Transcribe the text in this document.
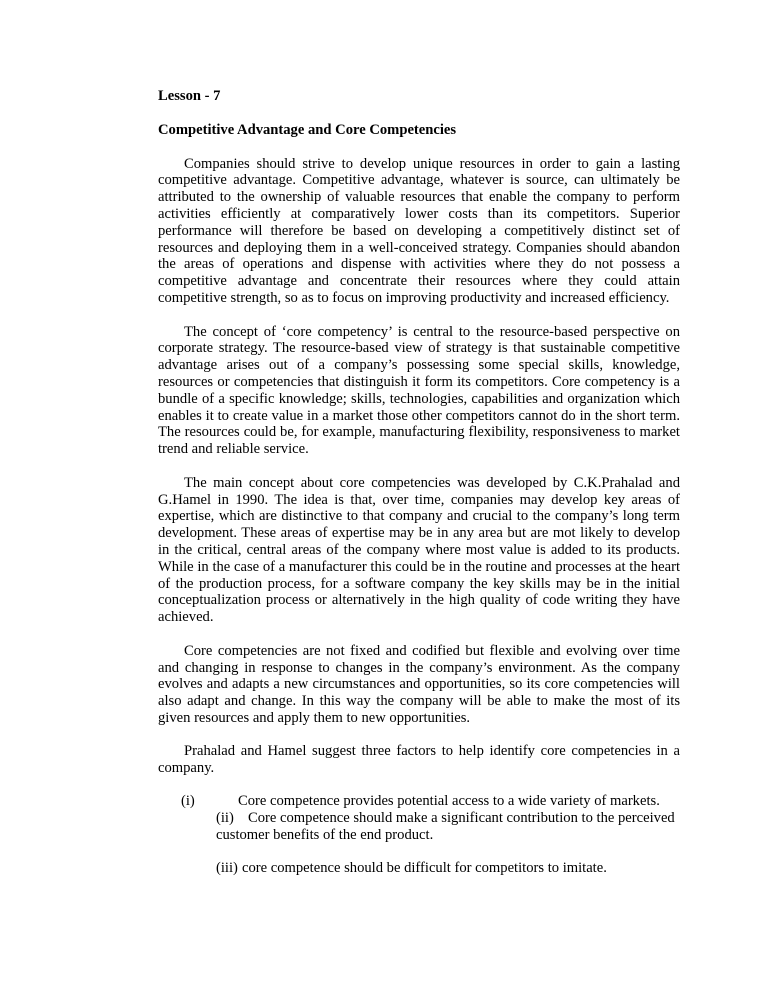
Lesson - 7

Competitive Advantage and Core Competencies

Companies should strive to develop unique resources in order to gain a lasting competitive advantage. Competitive advantage, whatever is source, can ultimately be attributed to the ownership of valuable resources that enable the company to perform activities efficiently at comparatively lower costs than its competitors. Superior performance will therefore be based on developing a competitively distinct set of resources and deploying them in a well-conceived strategy. Companies should abandon the areas of operations and dispense with activities where they do not possess a competitive advantage and concentrate their resources where they could attain competitive strength, so as to focus on improving productivity and increased efficiency.

The concept of ‘core competency’ is central to the resource-based perspective on corporate strategy. The resource-based view of strategy is that sustainable competitive advantage arises out of a company’s possessing some special skills, knowledge, resources or competencies that distinguish it form its competitors. Core competency is a bundle of a specific knowledge; skills, technologies, capabilities and organization which enables it to create value in a market those other competitors cannot do in the short term. The resources could be, for example, manufacturing flexibility, responsiveness to market trend and reliable service.

The main concept about core competencies was developed by C.K.Prahalad and G.Hamel in 1990. The idea is that, over time, companies may develop key areas of expertise, which are distinctive to that company and crucial to the company’s long term development. These areas of expertise may be in any area but are mot likely to develop in the critical, central areas of the company where most value is added to its products. While in the case of a manufacturer this could be in the routine and processes at the heart of the production process, for a software company the key skills may be in the initial conceptualization process or alternatively in the high quality of code writing they have achieved.

Core competencies are not fixed and codified but flexible and evolving over time and changing in response to changes in the company’s environment. As the company evolves and adapts a new circumstances and opportunities, so its core competencies will also adapt and change. In this way the company will be able to make the most of its given resources and apply them to new opportunities.

Prahalad and Hamel suggest three factors to help identify core competencies in a company.

(i)	Core competence provides potential access to a wide variety of markets.
(ii) Core competence should make a significant contribution to the perceived customer benefits of the end product.
(iii) core competence should be difficult for competitors to imitate.
